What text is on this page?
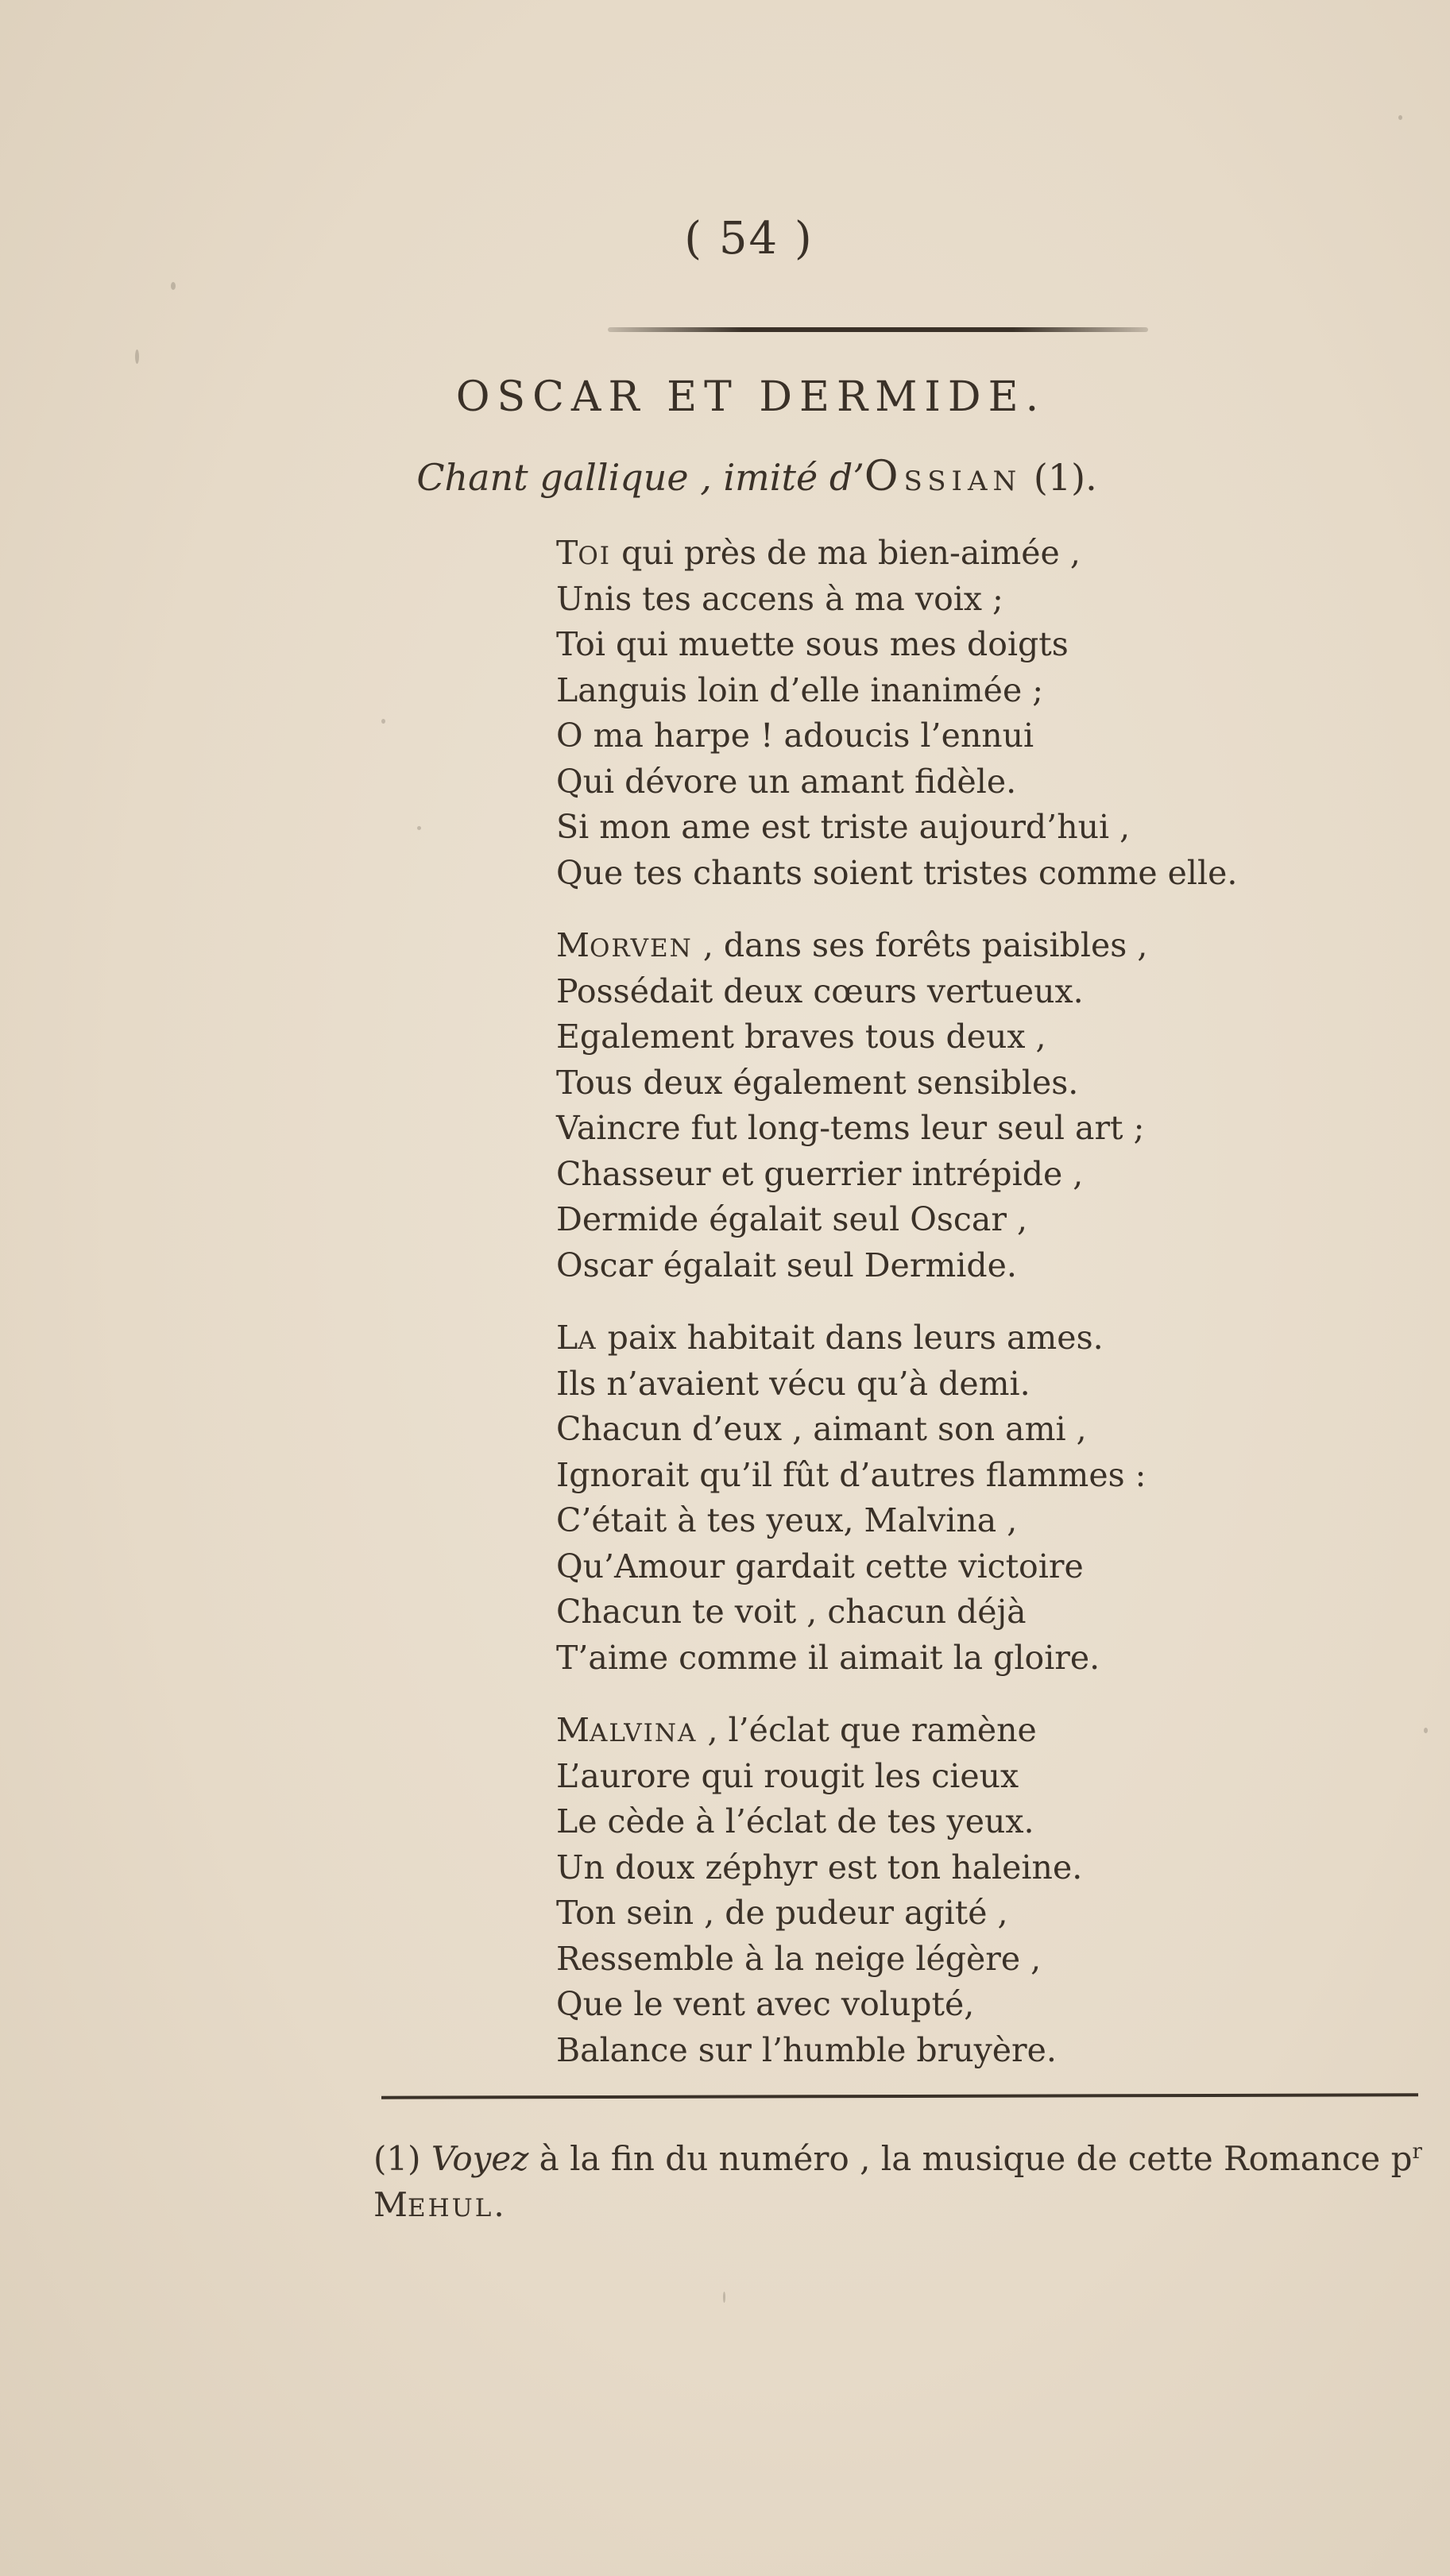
( 54 )
OSCAR ET DERMIDE.
Chant gallique , imité d’OSSIAN (1).
TOI qui près de ma bien-aimée ,
Unis tes accens à ma voix ;
Toi qui muette sous mes doigts
Languis loin d’elle inanimée ;
O ma harpe ! adoucis l’ennui
Qui dévore un amant fidèle.
Si mon ame est triste aujourd’hui ,
Que tes chants soient tristes comme elle.
MORVEN , dans ses forêts paisibles ,
Possédait deux cœurs vertueux.
Egalement braves tous deux ,
Tous deux également sensibles.
Vaincre fut long-tems leur seul art ;
Chasseur et guerrier intrépide ,
Dermide égalait seul Oscar ,
Oscar égalait seul Dermide.
LA paix habitait dans leurs ames.
Ils n’avaient vécu qu’à demi.
Chacun d’eux , aimant son ami ,
Ignorait qu’il fût d’autres flammes :
C’était à tes yeux, Malvina ,
Qu’Amour gardait cette victoire
Chacun te voit , chacun déjà
T’aime comme il aimait la gloire.
MALVINA , l’éclat que ramène
L’aurore qui rougit les cieux
Le cède à l’éclat de tes yeux.
Un doux zéphyr est ton haleine.
Ton sein , de pudeur agité ,
Ressemble à la neige légère ,
Que le vent avec volupté,
Balance sur l’humble bruyère.
(1) Voyez à la fin du numéro , la musique de cette Romance $p^r$
MEHUL.
